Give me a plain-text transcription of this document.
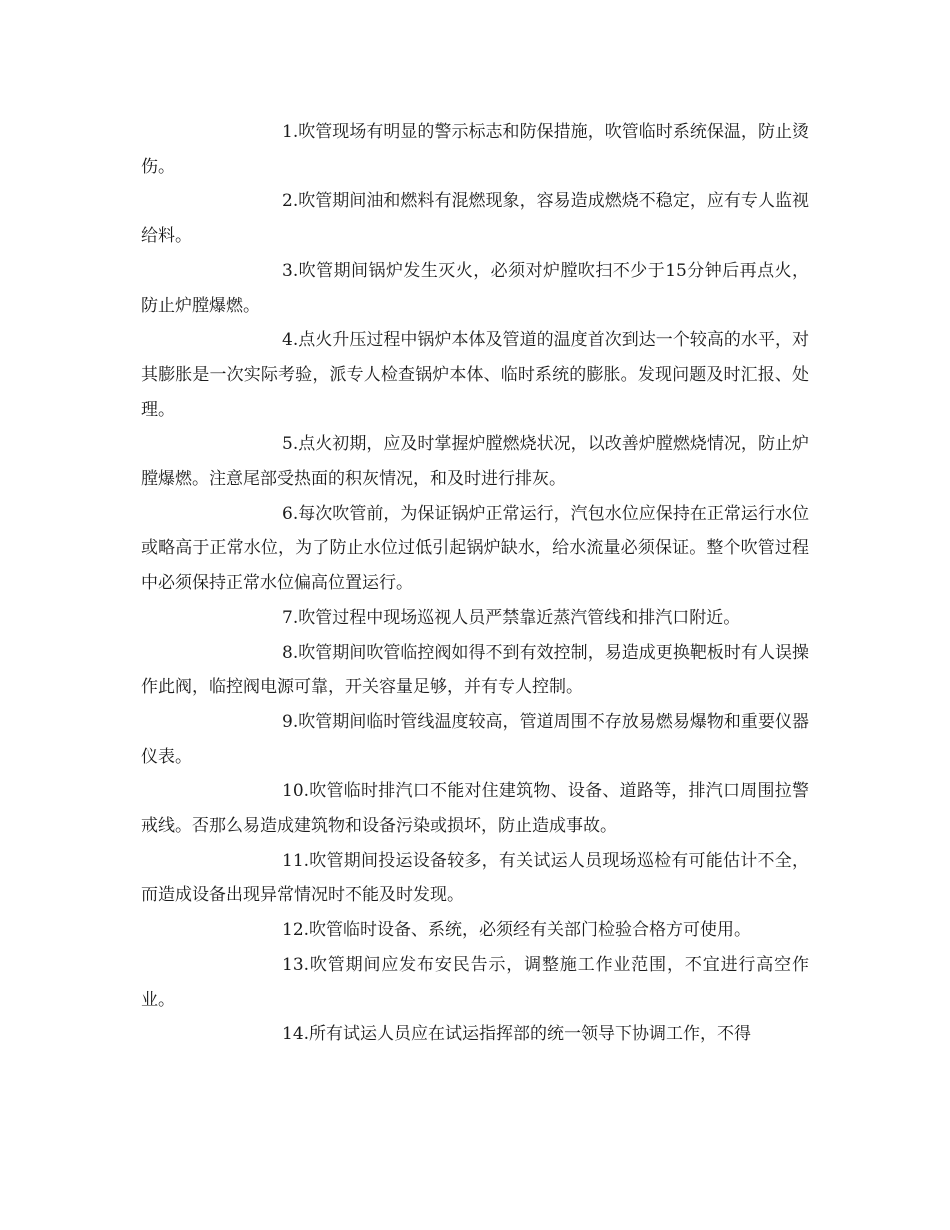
1.吹管现场有明显的警示标志和防保措施，吹管临时系统保温，防止烫伤。

2.吹管期间油和燃料有混燃现象，容易造成燃烧不稳定，应有专人监视给料。

3.吹管期间锅炉发生灭火，必须对炉膛吹扫不少于15分钟后再点火，防止炉膛爆燃。

4.点火升压过程中锅炉本体及管道的温度首次到达一个较高的水平，对其膨胀是一次实际考验，派专人检查锅炉本体、临时系统的膨胀。发现问题及时汇报、处理。

5.点火初期，应及时掌握炉膛燃烧状况，以改善炉膛燃烧情况，防止炉膛爆燃。注意尾部受热面的积灰情况，和及时进行排灰。

6.每次吹管前，为保证锅炉正常运行，汽包水位应保持在正常运行水位或略高于正常水位，为了防止水位过低引起锅炉缺水，给水流量必须保证。整个吹管过程中必须保持正常水位偏高位置运行。

7.吹管过程中现场巡视人员严禁靠近蒸汽管线和排汽口附近。

8.吹管期间吹管临控阀如得不到有效控制，易造成更换靶板时有人误操作此阀，临控阀电源可靠，开关容量足够，并有专人控制。

9.吹管期间临时管线温度较高，管道周围不存放易燃易爆物和重要仪器仪表。

10.吹管临时排汽口不能对住建筑物、设备、道路等，排汽口周围拉警戒线。否那么易造成建筑物和设备污染或损坏，防止造成事故。

11.吹管期间投运设备较多，有关试运人员现场巡检有可能估计不全，而造成设备出现异常情况时不能及时发现。

12.吹管临时设备、系统，必须经有关部门检验合格方可使用。

13.吹管期间应发布安民告示，调整施工作业范围，不宜进行高空作业。

14.所有试运人员应在试运指挥部的统一领导下协调工作，不得
